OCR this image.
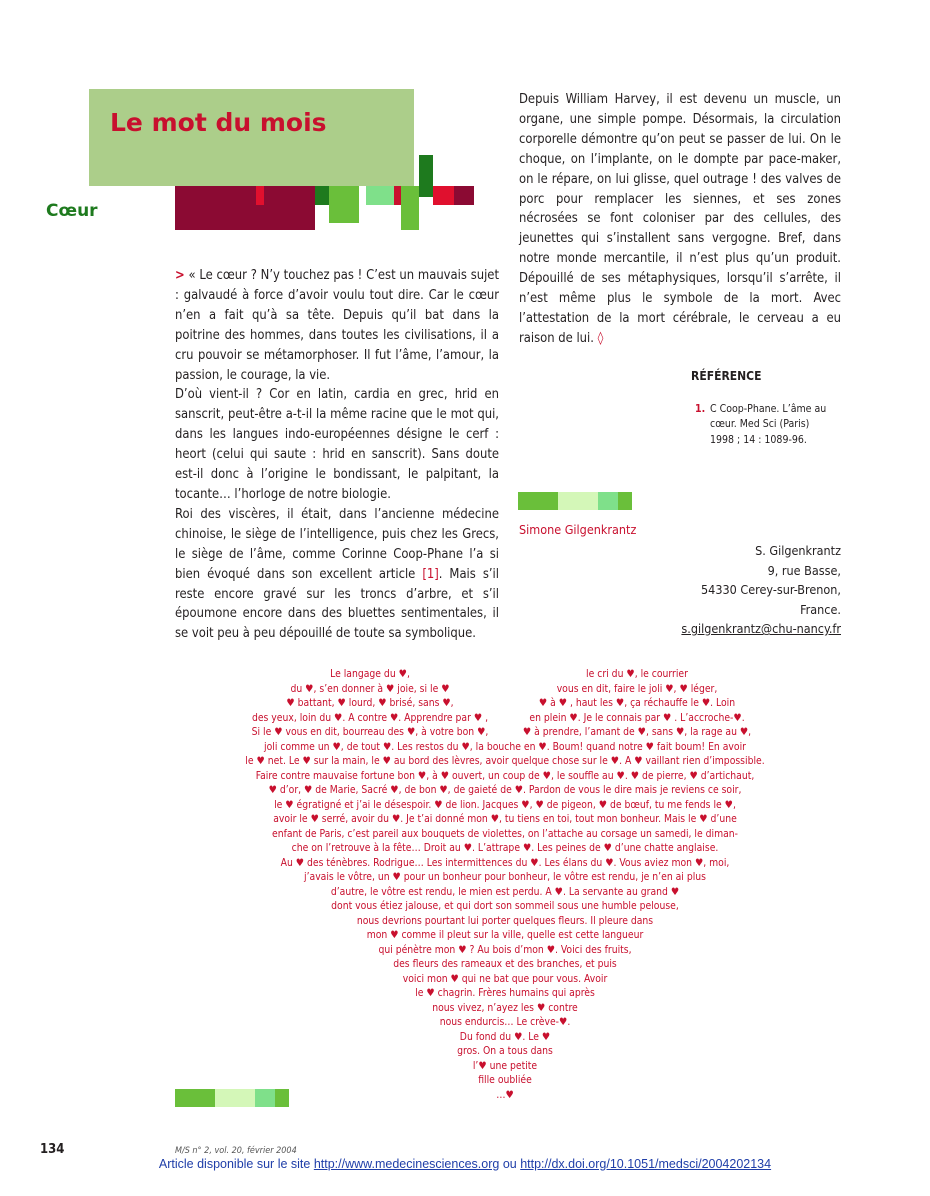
Le mot du mois
Cœur

> « Le cœur ? N’y touchez pas ! C’est un mauvais sujet : galvaudé à force d’avoir voulu tout dire. Car le cœur n’en a fait qu’à sa tête. Depuis qu’il bat dans la poitrine des hommes, dans toutes les civilisations, il a cru pouvoir se métamorphoser. Il fut l’âme, l’amour, la passion, le courage, la vie.

D’où vient-il ? Cor en latin, cardia en grec, hrid en sanscrit, peut-être a-t-il la même racine que le mot qui, dans les langues indo-européennes désigne le cerf : heort (celui qui saute : hrid en sanscrit). Sans doute est-il donc à l’origine le bondissant, le palpitant, la tocante… l’horloge de notre biologie.

Roi des viscères, il était, dans l’ancienne médecine chinoise, le siège de l’intelligence, puis chez les Grecs, le siège de l’âme, comme Corinne Coop-Phane l’a si bien évoqué dans son excellent article [1]. Mais s’il reste encore gravé sur les troncs d’arbre, et s’il époumone encore dans des bluettes sentimentales, il se voit peu à peu dépouillé de toute sa symbolique.

Depuis William Harvey, il est devenu un muscle, un organe, une simple pompe. Désormais, la circulation corporelle démontre qu’on peut se passer de lui. On le choque, on l’implante, on le dompte par pace-maker, on le répare, on lui glisse, quel outrage ! des valves de porc pour remplacer les siennes, et ses zones nécrosées se font coloniser par des cellules, des jeunettes qui s’installent sans vergogne. Bref, dans notre monde mercantile, il n’est plus qu’un produit. Dépouillé de ses métaphysiques, lorsqu’il s’arrête, il n’est même plus le symbole de la mort. Avec l’attestation de la mort cérébrale, le cerveau a eu raison de lui. ◊

RÉFÉRENCE
1. C Coop-Phane. L’âme au cœur. Med Sci (Paris) 1998 ; 14 : 1089-96.

Simone Gilgenkrantz

S. Gilgenkrantz
9, rue Basse,
54330 Cerey-sur-Brenon,
France.
s.gilgenkrantz@chu-nancy.fr
Le langage du ♥,	le cri du ♥, le courrier
du ♥, s’en donner à ♥ joie, si le ♥	vous en dit, faire le joli ♥, ♥ léger,
♥ battant, ♥ lourd, ♥ brisé, sans ♥,	♥ à ♥ , haut les ♥, ça réchauffe le ♥. Loin
des yeux, loin du ♥. A contre ♥. Apprendre par ♥ ,	en plein ♥. Je le connais par ♥ . L’accroche-♥.
Si le ♥ vous en dit, bourreau des ♥, à votre bon ♥,	♥ à prendre, l’amant de ♥, sans ♥, la rage au ♥,
joli comme un ♥, de tout ♥. Les restos du ♥, la bouche en ♥. Boum! quand notre ♥ fait boum! En avoir
le ♥ net. Le ♥ sur la main, le ♥ au bord des lèvres, avoir quelque chose sur le ♥. A ♥ vaillant rien d’impossible.
Faire contre mauvaise fortune bon ♥, à ♥ ouvert, un coup de ♥, le souffle au ♥. ♥ de pierre, ♥ d’artichaut,
♥ d’or, ♥ de Marie, Sacré ♥, de bon ♥, de gaieté de ♥. Pardon de vous le dire mais je reviens ce soir,
le ♥ égratigné et j’ai le désespoir. ♥ de lion. Jacques ♥, ♥ de pigeon, ♥ de bœuf, tu me fends le ♥,
avoir le ♥ serré, avoir du ♥. Je t’ai donné mon ♥, tu tiens en toi, tout mon bonheur. Mais le ♥ d’une
enfant de Paris, c’est pareil aux bouquets de violettes, on l’attache au corsage un samedi, le diman-
che on l’retrouve à la fête… Droit au ♥. L’attrape ♥. Les peines de ♥ d’une chatte anglaise.
Au ♥ des ténèbres. Rodrigue… Les intermittences du ♥. Les élans du ♥. Vous aviez mon ♥, moi,
j’avais le vôtre, un ♥ pour un bonheur pour bonheur, le vôtre est rendu, je n’en ai plus
d’autre, le vôtre est rendu, le mien est perdu. A ♥. La servante au grand ♥
dont vous étiez jalouse, et qui dort son sommeil sous une humble pelouse,
nous devrions pourtant lui porter quelques fleurs. Il pleure dans
mon ♥ comme il pleut sur la ville, quelle est cette langueur
qui pénètre mon ♥ ? Au bois d’mon ♥. Voici des fruits,
des fleurs des rameaux et des branches, et puis
voici mon ♥ qui ne bat que pour vous. Avoir
le ♥ chagrin. Frères humains qui après
nous vivez, n’ayez les ♥ contre
nous endurcis… Le crève-♥.
Du fond du ♥. Le ♥
gros. On a tous dans
l’♥ une petite
fille oubliée
…♥

134	M/S n° 2, vol. 20, février 2004

Article disponible sur le site http://www.medecinesciences.org ou http://dx.doi.org/10.1051/medsci/2004202134
